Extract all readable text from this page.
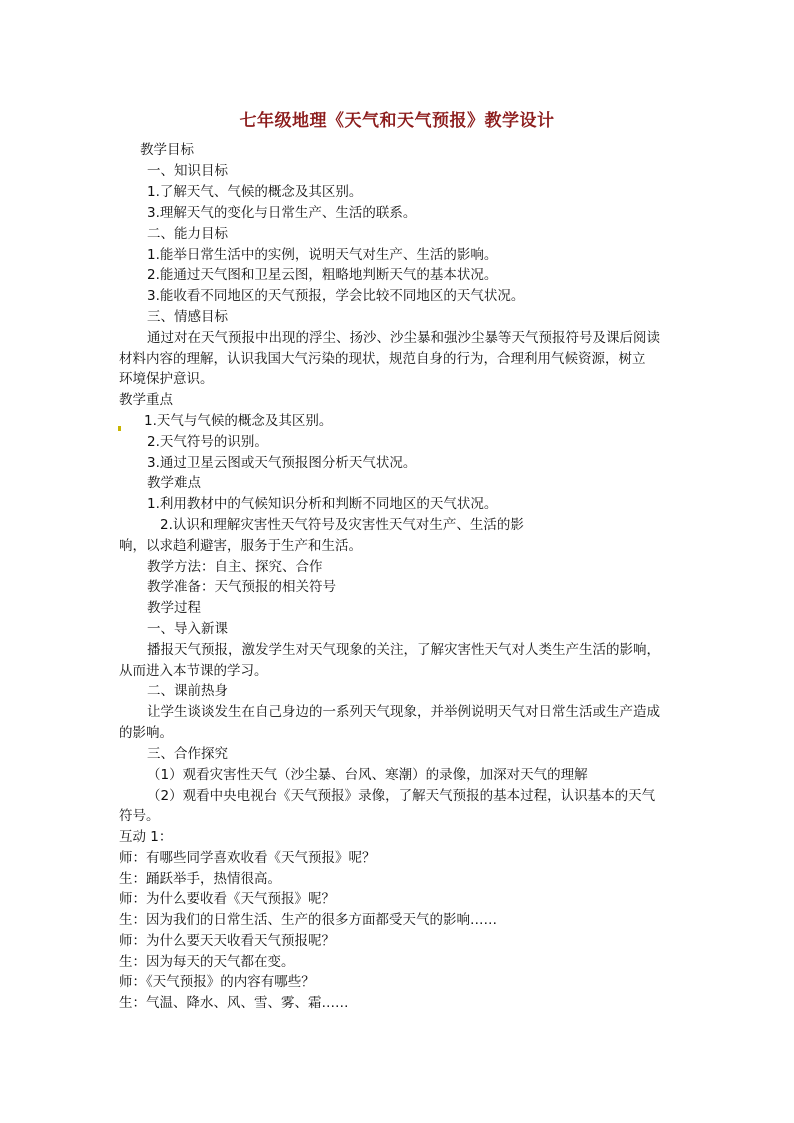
七年级地理《天气和天气预报》教学设计
教学目标
一、知识目标
1.了解天气、气候的概念及其区别。
3.理解天气的变化与日常生产、生活的联系。
二、能力目标
1.能举日常生活中的实例，说明天气对生产、生活的影响。
2.能通过天气图和卫星云图，粗略地判断天气的基本状况。
3.能收看不同地区的天气预报，学会比较不同地区的天气状况。
三、情感目标
通过对在天气预报中出现的浮尘、扬沙、沙尘暴和强沙尘暴等天气预报符号及课后阅读
材料内容的理解，认识我国大气污染的现状，规范自身的行为，合理利用气候资源，树立
环境保护意识。
教学重点
1.天气与气候的概念及其区别。
2.天气符号的识别。
3.通过卫星云图或天气预报图分析天气状况。
教学难点
1.利用教材中的气候知识分析和判断不同地区的天气状况。
2.认识和理解灾害性天气符号及灾害性天气对生产、生活的影
响，以求趋利避害，服务于生产和生活。
教学方法：自主、探究、合作
教学准备：天气预报的相关符号
教学过程
一、导入新课
播报天气预报，激发学生对天气现象的关注，了解灾害性天气对人类生产生活的影响，
从而进入本节课的学习。
二、课前热身
让学生谈谈发生在自己身边的一系列天气现象，并举例说明天气对日常生活或生产造成
的影响。
三、合作探究
（1）观看灾害性天气（沙尘暴、台风、寒潮）的录像，加深对天气的理解
（2）观看中央电视台《天气预报》录像，了解天气预报的基本过程，认识基本的天气
符号。
互动 1：
师：有哪些同学喜欢收看《天气预报》呢？
生：踊跃举手，热情很高。
师：为什么要收看《天气预报》呢？
生：因为我们的日常生活、生产的很多方面都受天气的影响……
师：为什么要天天收看天气预报呢？
生：因为每天的天气都在变。
师：《天气预报》的内容有哪些？
生：气温、降水、风、雪、雾、霜……
